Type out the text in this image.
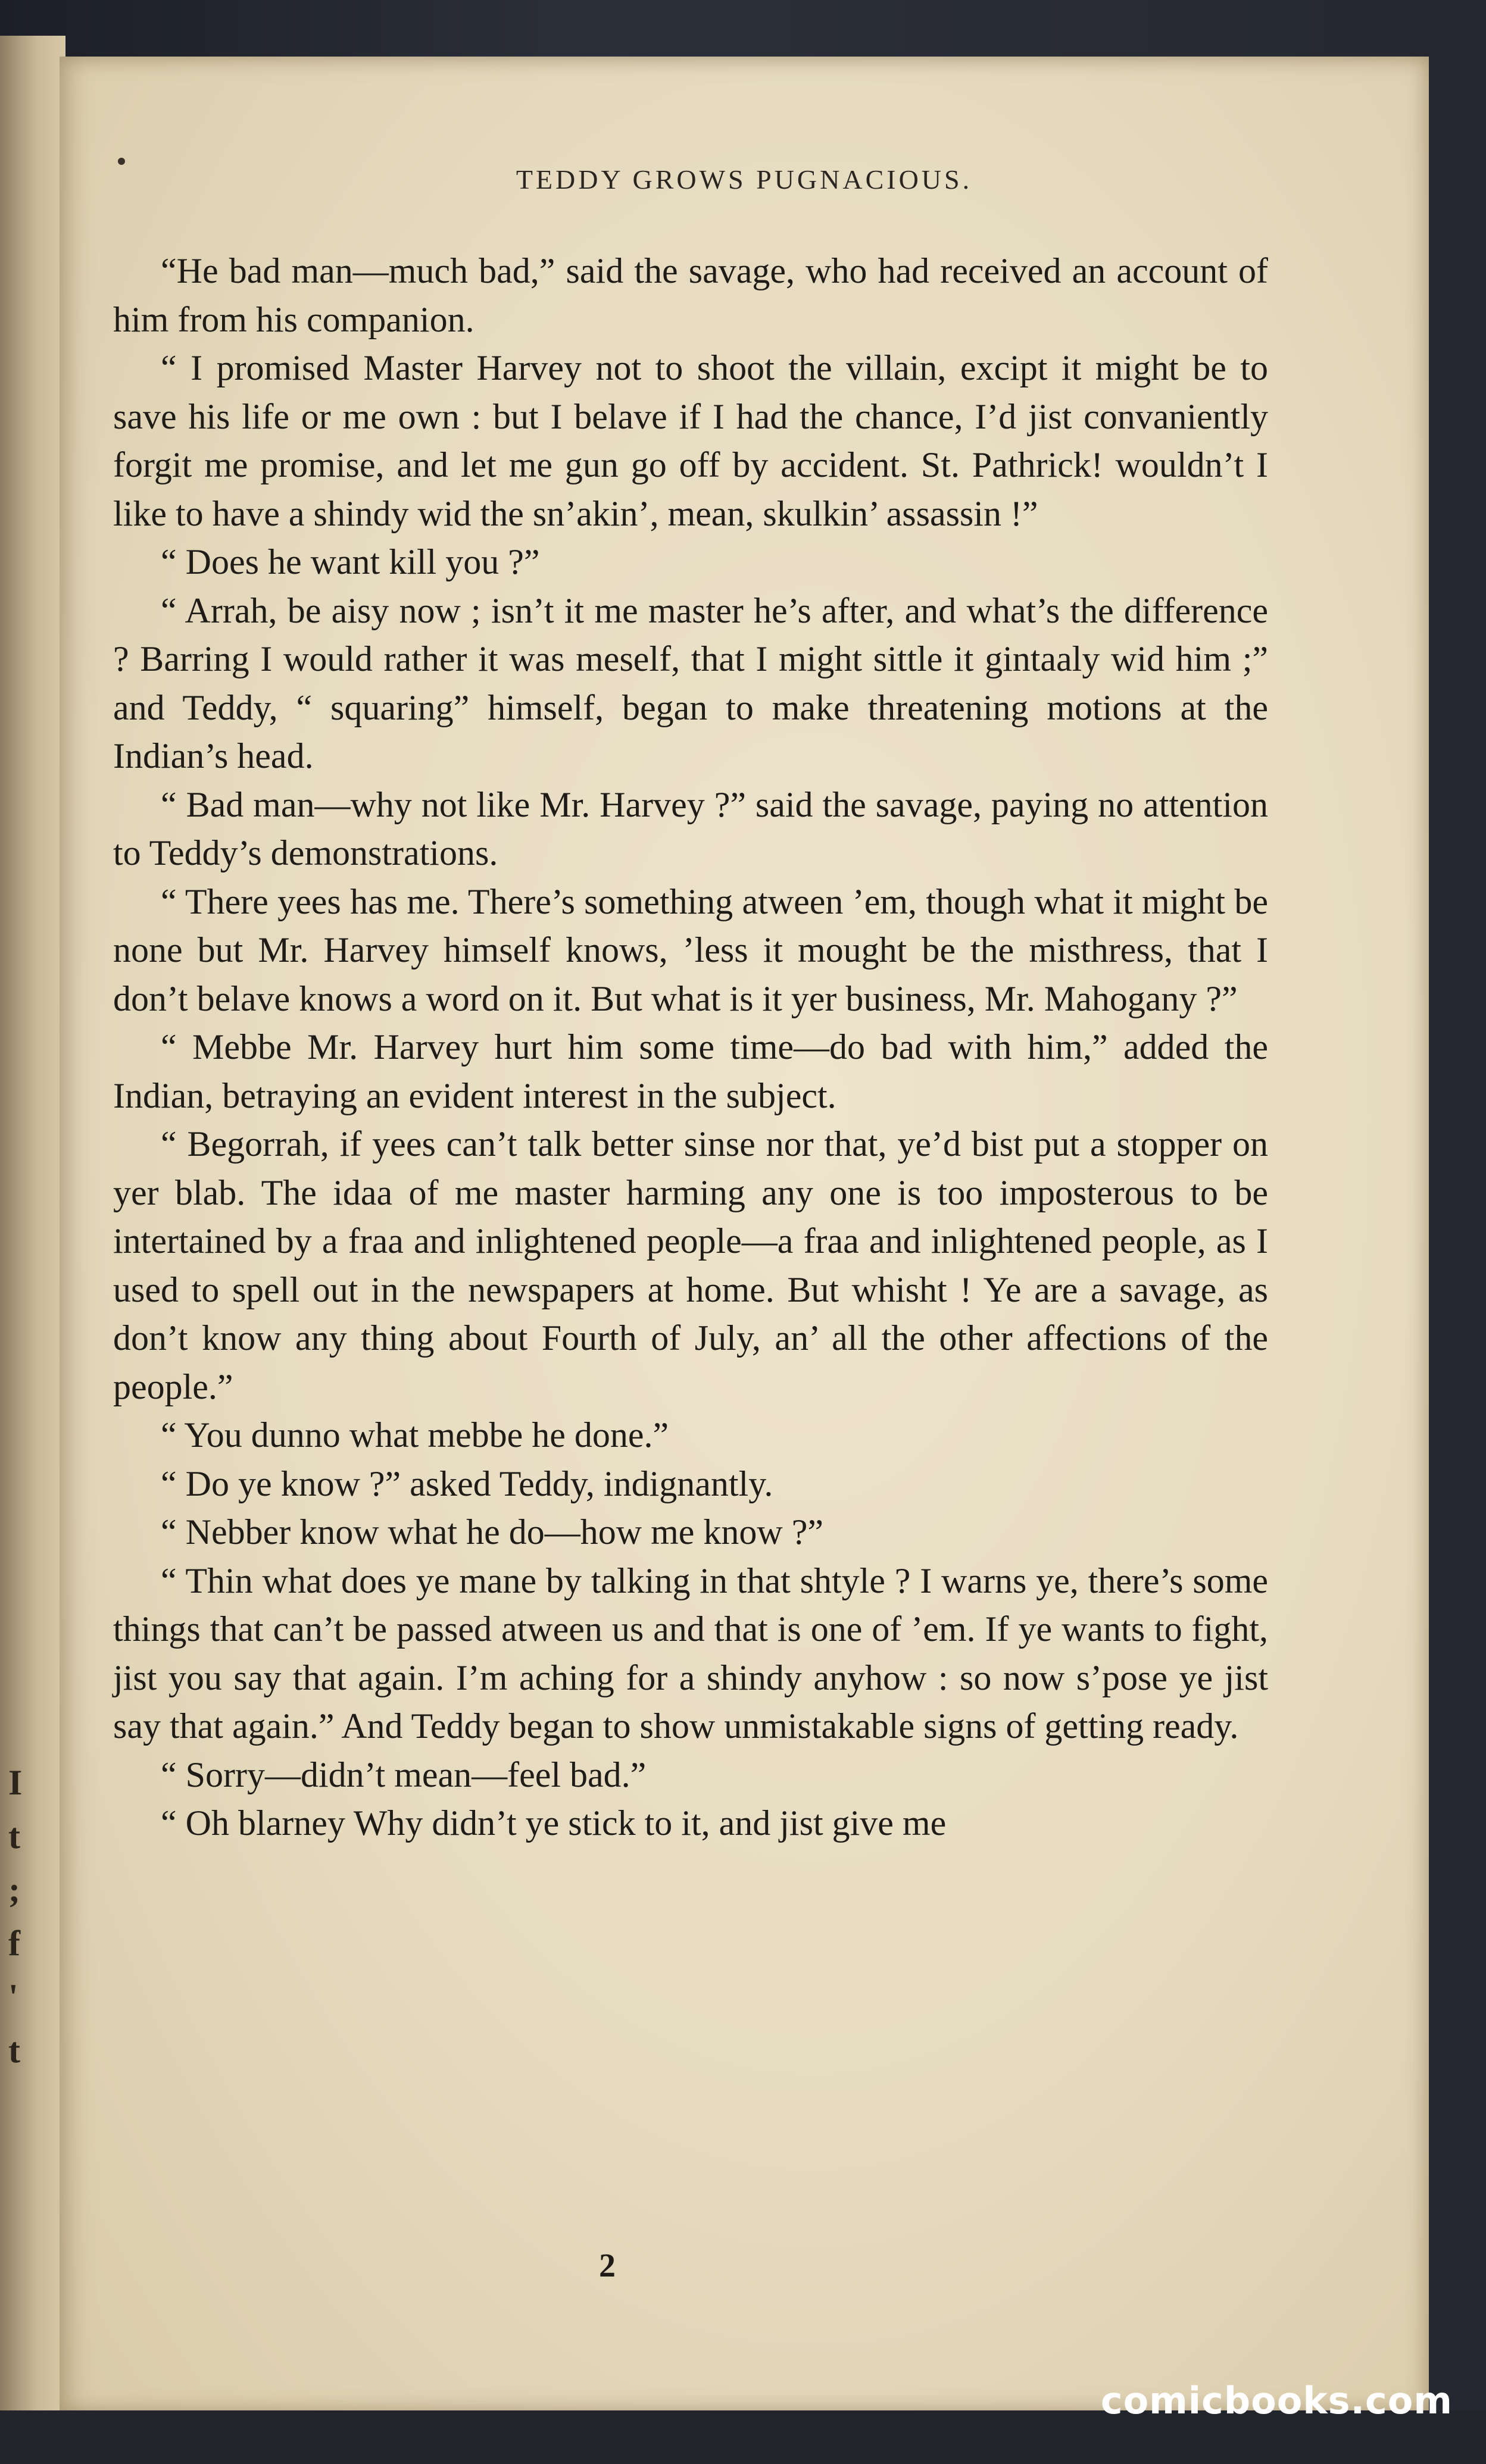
I
t
;
f
'
t
TEDDY GROWS PUGNACIOUS.

“He bad man—much bad,” said the savage, who had received an account of him from his companion.

“ I promised Master Harvey not to shoot the villain, excipt it might be to save his life or me own : but I belave if I had the chance, I’d jist convaniently forgit me promise, and let me gun go off by accident. St. Pathrick! wouldn’t I like to have a shindy wid the sn’akin’, mean, skulkin’ assassin !”

“ Does he want kill you ?”

“ Arrah, be aisy now ; isn’t it me master he’s after, and what’s the difference ? Barring I would rather it was meself, that I might sittle it gintaaly wid him ;” and Teddy, “ squaring” himself, began to make threatening motions at the Indian’s head.

“ Bad man—why not like Mr. Harvey ?” said the savage, paying no attention to Teddy’s demonstrations.

“ There yees has me. There’s something atween ’em, though what it might be none but Mr. Harvey himself knows, ’less it mought be the misthress, that I don’t belave knows a word on it. But what is it yer business, Mr. Mahogany ?”

“ Mebbe Mr. Harvey hurt him some time—do bad with him,” added the Indian, betraying an evident interest in the subject.

“ Begorrah, if yees can’t talk better sinse nor that, ye’d bist put a stopper on yer blab. The idaa of me master harming any one is too imposterous to be intertained by a fraa and inlightened people—a fraa and inlightened people, as I used to spell out in the newspapers at home. But whisht ! Ye are a savage, as don’t know any thing about Fourth of July, an’ all the other affections of the people.”

“ You dunno what mebbe he done.”

“ Do ye know ?” asked Teddy, indignantly.

“ Nebber know what he do—how me know ?”

“ Thin what does ye mane by talking in that shtyle ? I warns ye, there’s some things that can’t be passed atween us and that is one of ’em. If ye wants to fight, jist you say that again. I’m aching for a shindy anyhow : so now s’pose ye jist say that again.” And Teddy began to show unmistakable signs of getting ready.

“ Sorry—didn’t mean—feel bad.”

“ Oh blarney Why didn’t ye stick to it, and jist give me

2
comicbooks.com
